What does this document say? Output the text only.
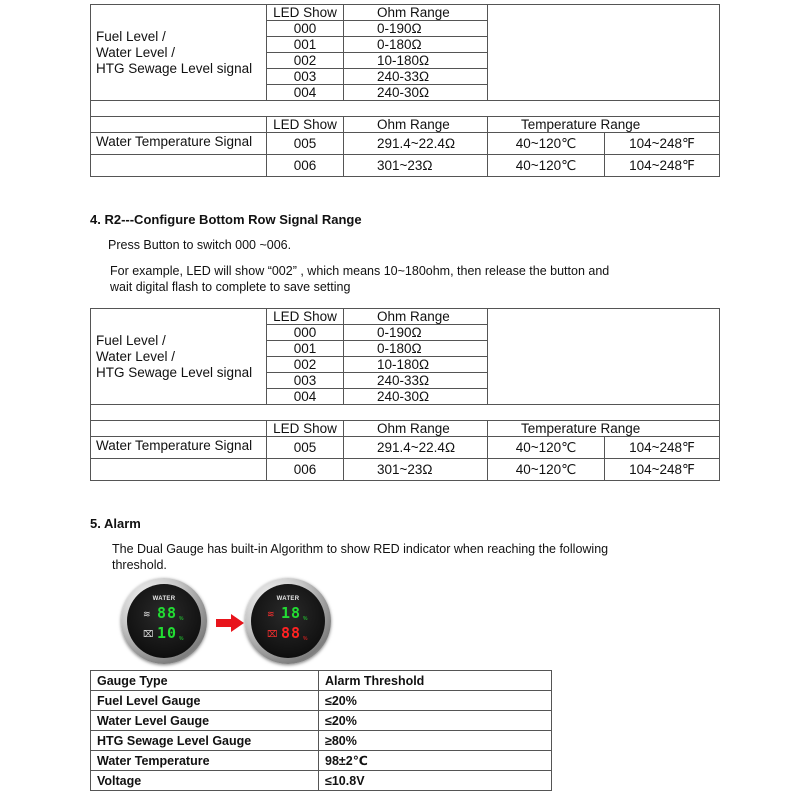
Fuel Level /
Water Level /
HTG Sewage Level signal	LED Show	Ohm Range		
	000	0-190Ω		
	001	0-180Ω		
	002	10-180Ω		
	003	240-33Ω		
	004	240-30Ω		

	LED Show	Ohm Range	Temperature Range	
Water Temperature Signal	005	291.4~22.4Ω	40~120℃	104~248℉
	006	301~23Ω	40~120℃	104~248℉
4. R2---Configure Bottom Row Signal Range
Press Button to switch 000 ~006.
For example, LED will show “002” , which means 10~180ohm, then release the button and
wait digital flash to complete to save setting
Fuel Level /
Water Level /
HTG Sewage Level signal	LED Show	Ohm Range		
	000	0-190Ω		
	001	0-180Ω		
	002	10-180Ω		
	003	240-33Ω		
	004	240-30Ω		

	LED Show	Ohm Range	Temperature Range	
Water Temperature Signal	005	291.4~22.4Ω	40~120℃	104~248℉
	006	301~23Ω	40~120℃	104~248℉
5. Alarm
The Dual Gauge has built-in Algorithm to show RED indicator when reaching the following
threshold.
WATER
≋ 88 %
⌧ 10 %
WATER
≋ 18 %
⌧ 88 %
Gauge Type	Alarm Threshold
Fuel Level Gauge	≤20%
Water Level Gauge	≤20%
HTG Sewage Level Gauge	≥80%
Water Temperature	98±2℃
Voltage	≤10.8V
